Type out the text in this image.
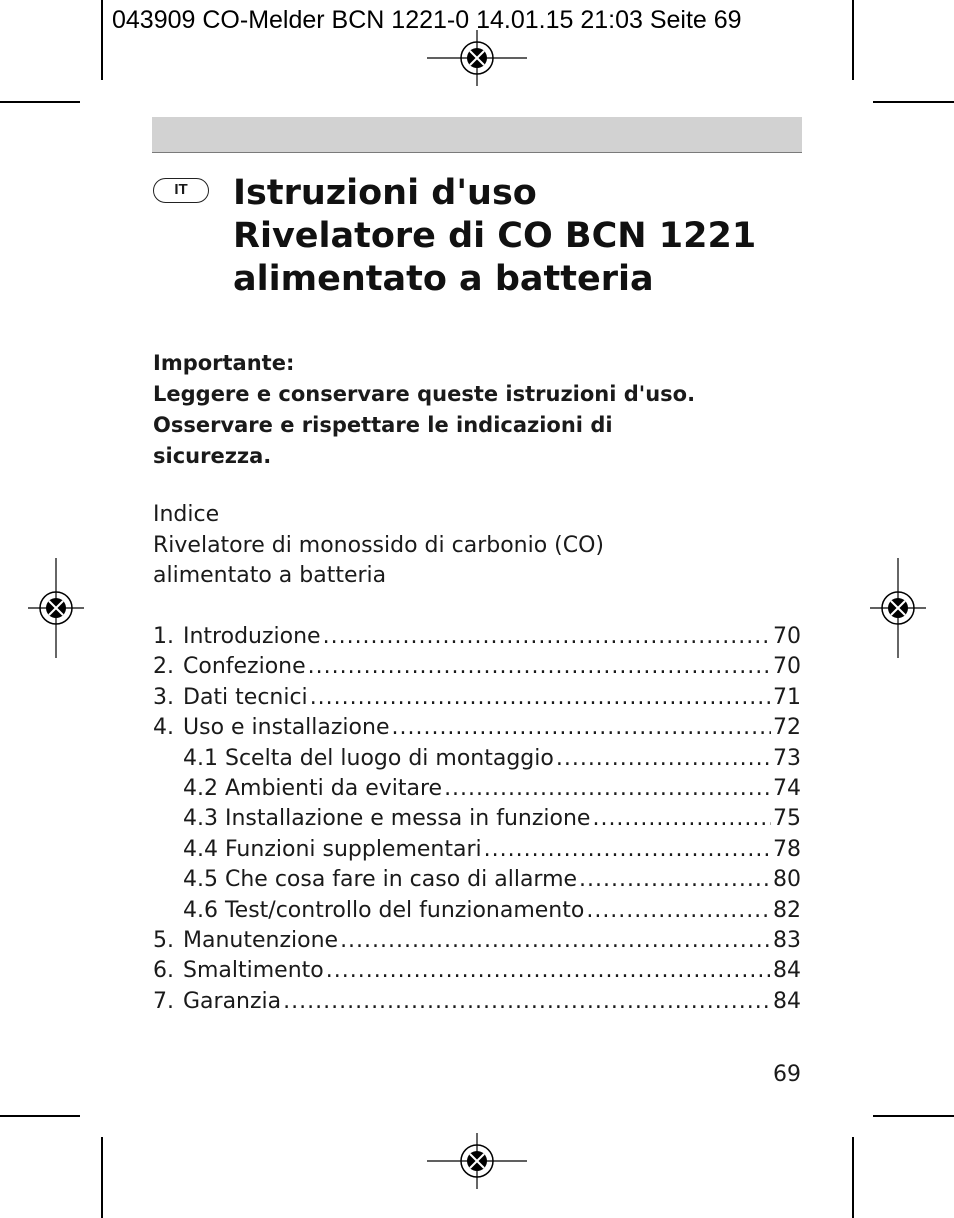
043909 CO-Melder BCN 1221-0 14.01.15 21:03 Seite 69
IT	Istruzioni d'uso
Rivelatore di CO BCN 1221
alimentato a batteria
Importante:
Leggere e conservare queste istruzioni d'uso.
Osservare e rispettare le indicazioni di
sicurezza.
Indice
Rivelatore di monossido di carbonio (CO)
alimentato a batteria
1. Introduzione .....	70
2. Confezione .....	70
3. Dati tecnici .....	71
4. Uso e installazione .....	72
4.1 Scelta del luogo di montaggio .....	73
4.2 Ambienti da evitare .....	74
4.3 Installazione e messa in funzione .....	75
4.4 Funzioni supplementari .....	78
4.5 Che cosa fare in caso di allarme .....	80
4.6 Test/controllo del funzionamento .....	82
5. Manutenzione .....	83
6. Smaltimento .....	84
7. Garanzia .....	84
69
